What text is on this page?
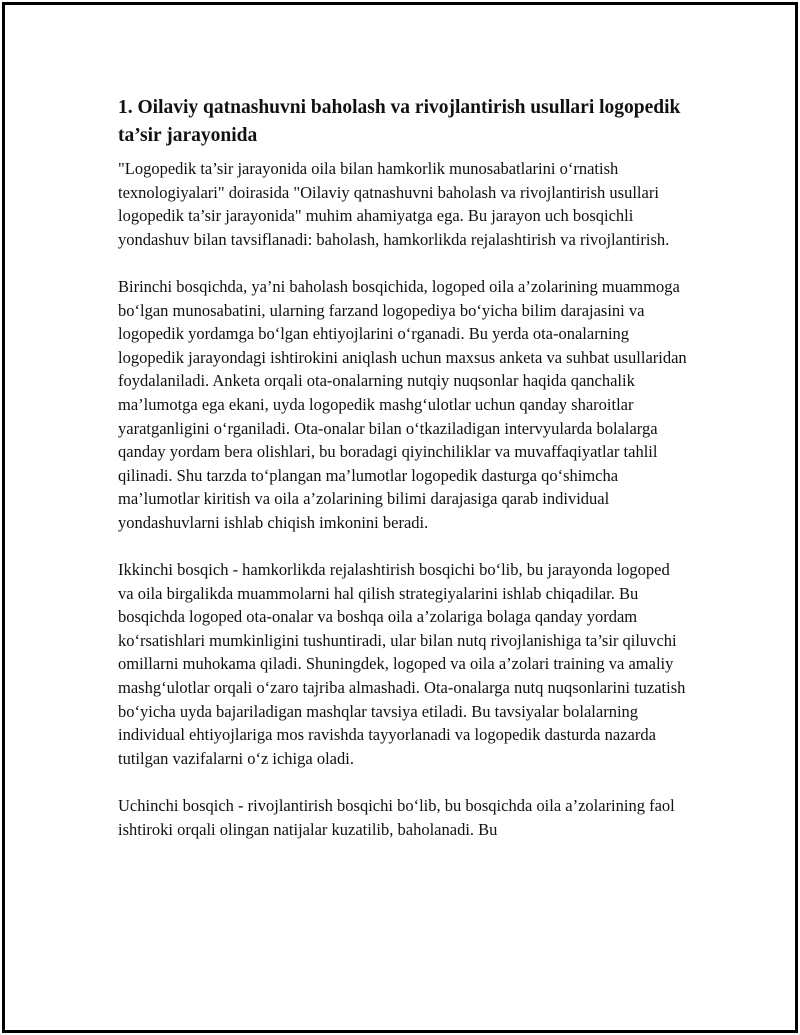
1. Oilaviy qatnashuvni baholash va rivojlantirish usullari logopedik ta’sir jarayonida

"Logopedik ta’sir jarayonida oila bilan hamkorlik munosabatlarini oʻrnatish texnologiyalari" doirasida "Oilaviy qatnashuvni baholash va rivojlantirish usullari logopedik ta’sir jarayonida" muhim ahamiyatga ega. Bu jarayon uch bosqichli yondashuv bilan tavsiflanadi: baholash, hamkorlikda rejalashtirish va rivojlantirish.

Birinchi bosqichda, ya’ni baholash bosqichida, logoped oila a’zolarining muammoga boʻlgan munosabatini, ularning farzand logopediya boʻyicha bilim darajasini va logopedik yordamga boʻlgan ehtiyojlarini oʻrganadi. Bu yerda ota-onalarning logopedik jarayondagi ishtirokini aniqlash uchun maxsus anketa va suhbat usullaridan foydalaniladi. Anketa orqali ota-onalarning nutqiy nuqsonlar haqida qanchalik ma’lumotga ega ekani, uyda logopedik mashgʻulotlar uchun qanday sharoitlar yaratganligini oʻrganiladi. Ota-onalar bilan oʻtkaziladigan intervyularda bolalarga qanday yordam bera olishlari, bu boradagi qiyinchiliklar va muvaffaqiyatlar tahlil qilinadi. Shu tarzda toʻplangan ma’lumotlar logopedik dasturga qoʻshimcha ma’lumotlar kiritish va oila a’zolarining bilimi darajasiga qarab individual yondashuvlarni ishlab chiqish imkonini beradi.

Ikkinchi bosqich - hamkorlikda rejalashtirish bosqichi boʻlib, bu jarayonda logoped va oila birgalikda muammolarni hal qilish strategiyalarini ishlab chiqadilar. Bu bosqichda logoped ota-onalar va boshqa oila a’zolariga bolaga qanday yordam koʻrsatishlari mumkinligini tushuntiradi, ular bilan nutq rivojlanishiga ta’sir qiluvchi omillarni muhokama qiladi. Shuningdek, logoped va oila a’zolari training va amaliy mashgʻulotlar orqali oʻzaro tajriba almashadi. Ota-onalarga nutq nuqsonlarini tuzatish boʻyicha uyda bajariladigan mashqlar tavsiya etiladi. Bu tavsiyalar bolalarning individual ehtiyojlariga mos ravishda tayyorlanadi va logopedik dasturda nazarda tutilgan vazifalarni oʻz ichiga oladi.

Uchinchi bosqich - rivojlantirish bosqichi boʻlib, bu bosqichda oila a’zolarining faol ishtiroki orqali olingan natijalar kuzatilib, baholanadi. Bu
